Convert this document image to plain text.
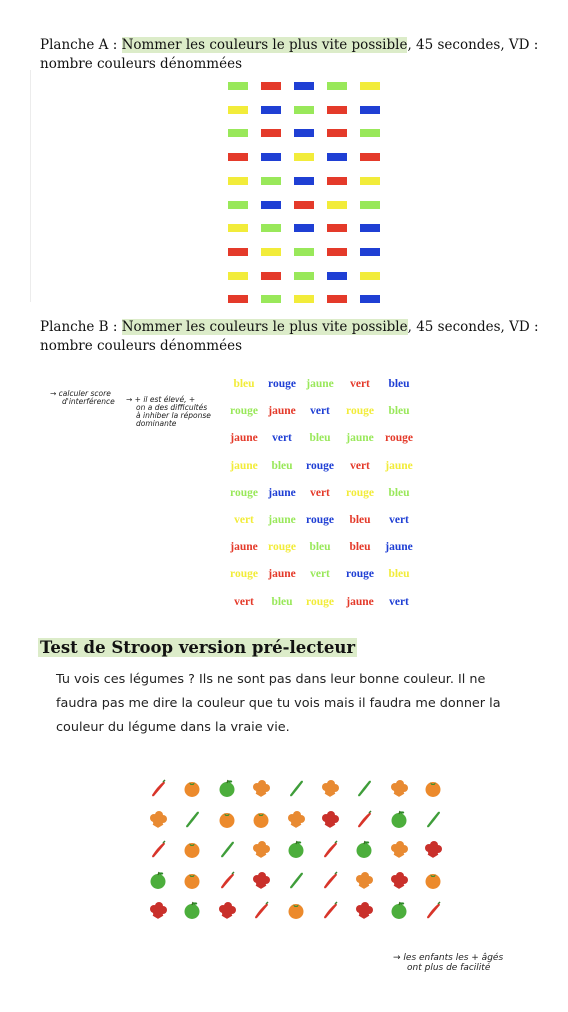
Planche A : Nommer les couleurs le plus vite possible, 45 secondes, VD : nombre couleurs dénommées
Planche B : Nommer les couleurs le plus vite possible, 45 secondes, VD : nombre couleurs dénommées
→ calculer score
d'interférence → + il est élevé, +
on a des difficultés
à inhiber la réponse
dominante
bleu rouge jaune vert bleu
rouge jaune vert rouge bleu
jaune vert bleu jaune rouge
jaune bleu rouge vert jaune
rouge jaune vert rouge bleu
vert jaune rouge bleu vert
jaune rouge bleu bleu jaune
rouge jaune vert rouge bleu
vert bleu rouge jaune vert
Test de Stroop version pré-lecteur
Tu vois ces légumes ? Ils ne sont pas dans leur bonne couleur. Il ne faudra pas me dire la couleur que tu vois mais il faudra me donner la couleur du légume dans la vraie vie.
→ les enfants les + âgés
ont plus de facilité
